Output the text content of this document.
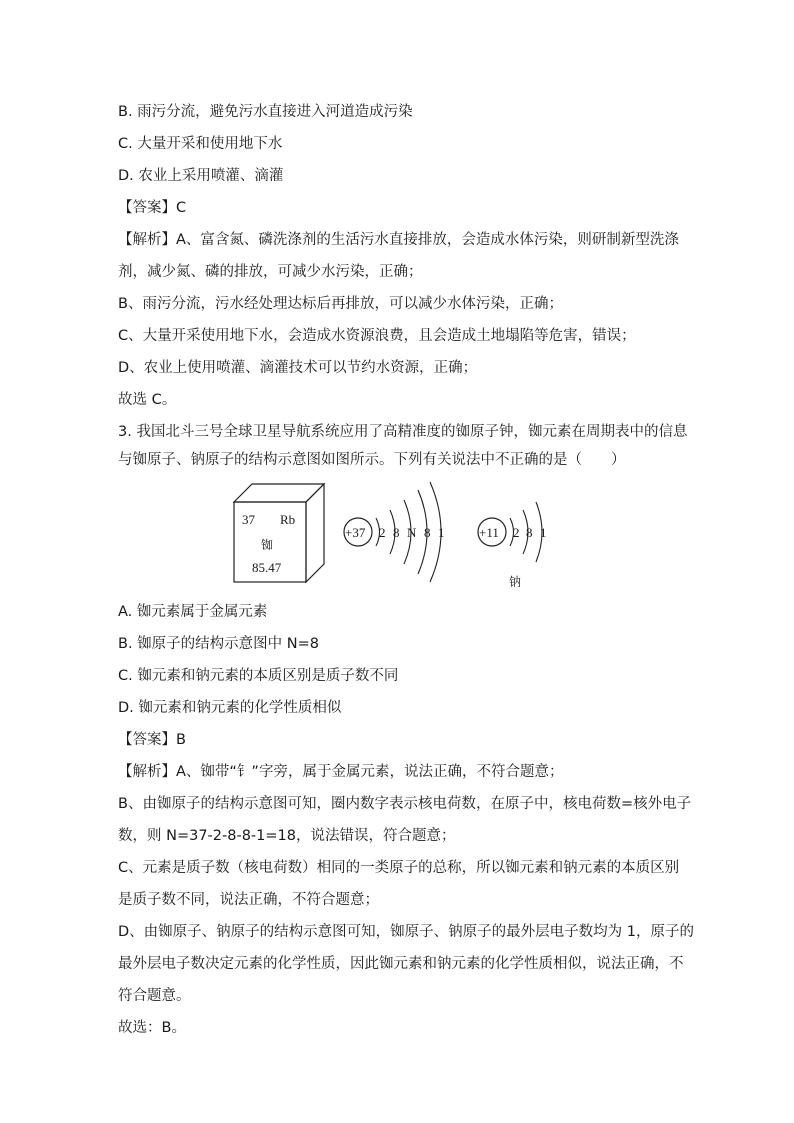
B. 雨污分流，避免污水直接进入河道造成污染
C. 大量开采和使用地下水
D. 农业上采用喷灌、滴灌
【答案】C
【解析】A、富含氮、磷洗涤剂的生活污水直接排放，会造成水体污染，则研制新型洗涤
剂，减少氮、磷的排放，可减少水污染，正确；
B、雨污分流，污水经处理达标后再排放，可以减少水体污染，正确；
C、大量开采使用地下水，会造成水资源浪费，且会造成土地塌陷等危害，错误；
D、农业上使用喷灌、滴灌技术可以节约水资源，正确；
故选 C。
3. 我国北斗三号全球卫星导航系统应用了高精准度的铷原子钟，铷元素在周期表中的信息
与铷原子、钠原子的结构示意图如图所示。下列有关说法中不正确的是（　　）
37 Rb
铷
85.47
+37 2 8 N 8 1	+11 2 8 1
钠
A. 铷元素属于金属元素
B. 铷原子的结构示意图中 N=8
C. 铷元素和钠元素的本质区别是质子数不同
D. 铷元素和钠元素的化学性质相似
【答案】B
【解析】A、铷带“钅”字旁，属于金属元素，说法正确，不符合题意；
B、由铷原子的结构示意图可知，圈内数字表示核电荷数，在原子中，核电荷数=核外电子
数，则 N=37-2-8-8-1=18，说法错误，符合题意；
C、元素是质子数（核电荷数）相同的一类原子的总称，所以铷元素和钠元素的本质区别
是质子数不同，说法正确，不符合题意；
D、由铷原子、钠原子的结构示意图可知，铷原子、钠原子的最外层电子数均为 1，原子的
最外层电子数决定元素的化学性质，因此铷元素和钠元素的化学性质相似，说法正确，不
符合题意。
故选：B。
